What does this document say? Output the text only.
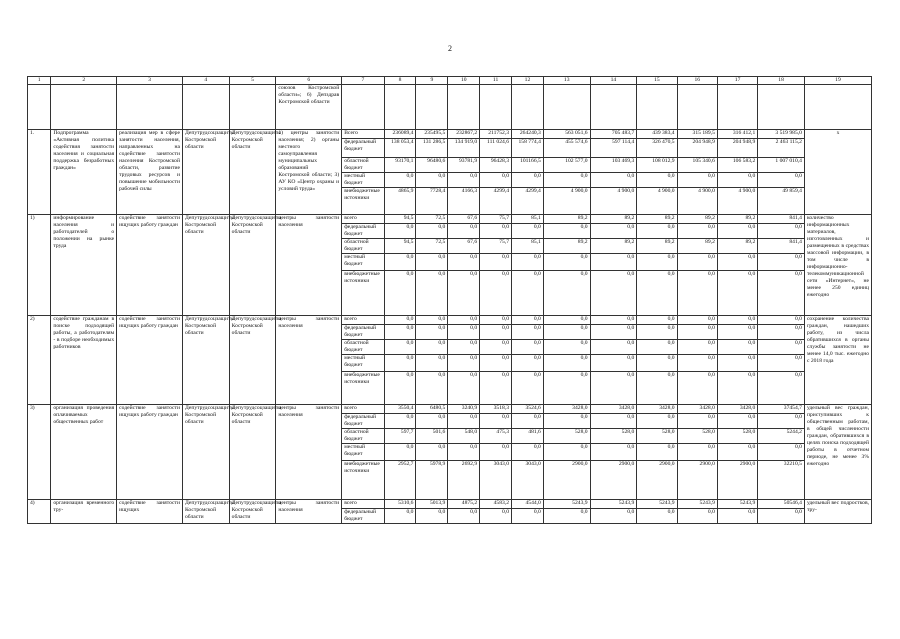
2
1	2	3	4	5	6	7	8	9	10	11	12	13	14	15	16	17	18	19
					союзов Костромской области»; 6) Депздрав Костромской области													
1.	Подпрограмма «Активная политика содействия занятости населения и социальная поддержка безработных граждан»	реализация мер в сфере занятости населения, направленных на содействие занятости населения Костромской области, развитие трудовых ресурсов и повышение мобильности рабочей силы	Депутрудсоцзащиты Костромской области	Депутрудсоцзащиты Костромской области	1) центры занятости населения; 2) органы местного самоуправления муниципальных образований Костромской области; 3) АУ КО «Центр охраны и условий труда»	Всего	236089,4	235495,5	232867,2	211752,3	264240,3	563 051,6	705 483,7	439 383,4	315 189,5	316 412,1	3 519 985,0	x
						федеральный бюджет	138 053,4	131 286,5	134 919,0	111 024,6	158 774,4	455 574,6	597 114,4	326 470,5	204 948,9	204 948,9	2 463 115,2	
						областной бюджет	93170,1	96480,6	93781,9	96428,3	101166,5	102 577,0	103 469,3	108 012,9	105 340,6	106 583,2	1 007 010,4	
						местный бюджет	0,0	0,0	0,0	0,0	0,0	0,0	0,0	0,0	0,0	0,0	0,0	
						внебюджетные источники	4865,9	7728,4	4166,3	4299,4	4299,4	4 900,0	4 900,0	4 900,0	4 900,0	4 900,0	49 859,4	
1)	информирование населения и работодателей о положении на рынке труда	содействие занятости ищущих работу граждан	Депутрудсоцзащиты Костромской области	Депутрудсоцзащиты Костромской области	центры занятости населения	всего	94,5	72,5	67,6	75,7	85,1	89,2	89,2	89,2	89,2	89,2	841,4	количество информационных материалов, изготовленных и размещенных в средствах массовой информации, в том числе в информационно-телекоммуникационной сети «Интернет», не менее 250 единиц ежегодно
						федеральный бюджет	0,0	0,0	0,0	0,0	0,0	0,0	0,0	0,0	0,0	0,0	0,0	
						областной бюджет	94,5	72,5	67,6	75,7	85,1	89,2	89,2	89,2	89,2	89,2	841,4	
						местный бюджет	0,0	0,0	0,0	0,0	0,0	0,0	0,0	0,0	0,0	0,0	0,0	
						внебюджетные источники	0,0	0,0	0,0	0,0	0,0	0,0	0,0	0,0	0,0	0,0	0,0	
2)	содействие гражданам в поиске подходящей работы, а работодателям - в подборе необходимых работников	содействие занятости ищущих работу граждан	Депутрудсоцзащиты Костромской области	Депутрудсоцзащиты Костромской области	центры занятости населения	всего	0,0	0,0	0,0	0,0	0,0	0,0	0,0	0,0	0,0	0,0	0,0	сохранение количества граждан, нашедших работу, из числа обратившихся в органы службы занятости не менее 14,0 тыс. ежегодно с 2018 года
						федеральный бюджет	0,0	0,0	0,0	0,0	0,0	0,0	0,0	0,0	0,0	0,0	0,0	
						областной бюджет	0,0	0,0	0,0	0,0	0,0	0,0	0,0	0,0	0,0	0,0	0,0	
						местный бюджет	0,0	0,0	0,0	0,0	0,0	0,0	0,0	0,0	0,0	0,0	0,0	
						внебюджетные источники	0,0	0,0	0,0	0,0	0,0	0,0	0,0	0,0	0,0	0,0	0,0	
3)	организация проведения оплачиваемых общественных работ	содействие занятости ищущих работу граждан	Депутрудсоцзащиты Костромской области	Депутрудсоцзащиты Костромской области	центры занятости населения	всего	3550,4	6480,5	3240,9	3518,3	3524,6	3428,0	3428,0	3428,0	3428,0	3428,0	37454,7	удельный вес граждан, приступивших к общественным работам, в общей численности граждан, обратившихся в целях поиска подходящей работы в отчетном периоде, не менее 3% ежегодно
						федеральный бюджет	0,0	0,0	0,0	0,0	0,0	0,0	0,0	0,0	0,0	0,0	0,0	
						областной бюджет	597,7	501,6	548,0	475,3	481,6	528,0	528,0	528,0	528,0	528,0	5244,2	
						местный бюджет	0,0	0,0	0,0	0,0	0,0	0,0	0,0	0,0	0,0	0,0	0,0	
						внебюджетные источники	2952,7	5978,9	2692,9	3043,0	3043,0	2900,0	2900,0	2900,0	2900,0	2900,0	32210,5	
4)	организация временного тру-	содействие занятости ищущих	Депутрудсоцзащиты Костромской области	Депутрудсоцзащиты Костромской области	центры занятости населения	всего	5310,6	5013,9	4875,2	4583,2	4544,0	5243,9	5243,9	5243,9	5243,9	5243,9	50546,4	удельный вес подростков, тру-
						федеральный бюджет	0,0	0,0	0,0	0,0	0,0	0,0	0,0	0,0	0,0	0,0	0,0	
